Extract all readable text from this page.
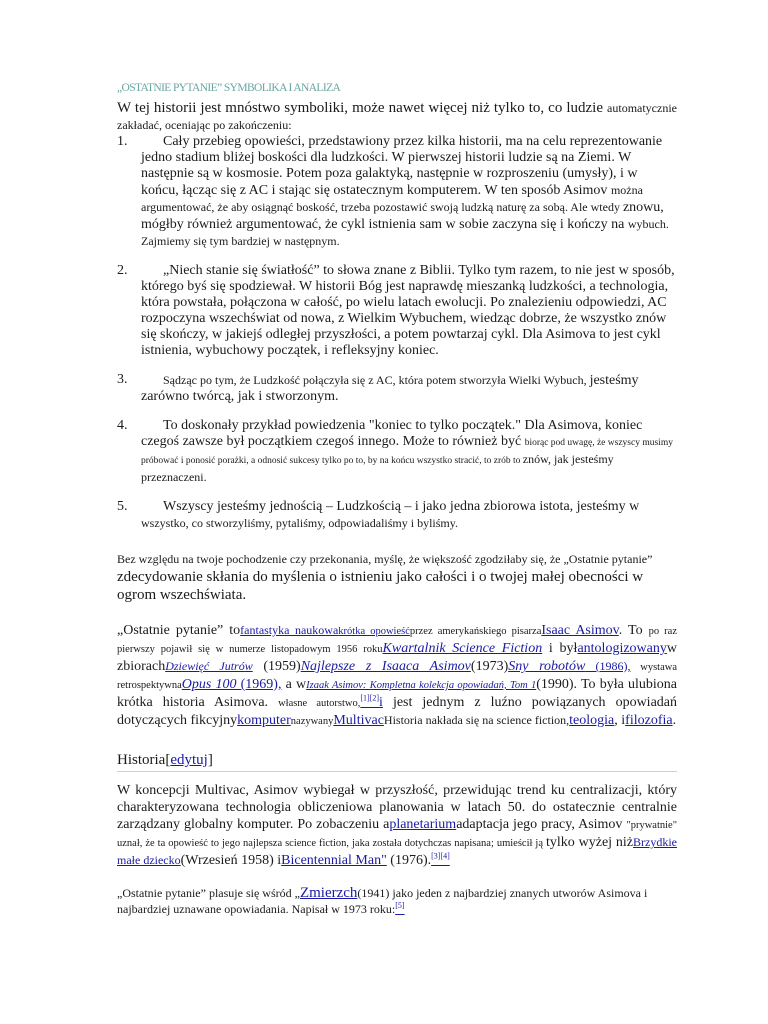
„OSTATNIE PYTANIE” SYMBOLIKA I ANALIZA

W tej historii jest mnóstwo symboliki, może nawet więcej niż tylko to, co ludzie automatycznie zakładać, oceniając po zakończeniu:

1.	Cały przebieg opowieści, przedstawiony przez kilka historii, ma na celu reprezentowanie jedno stadium bliżej boskości dla ludzkości. W pierwszej historii ludzie są na Ziemi. W następnie są w kosmosie. Potem poza galaktyką, następnie w rozproszeniu (umysły), i w końcu, łącząc się z AC i stając się ostatecznym komputerem. W ten sposób Asimov można argumentować, że aby osiągnąć boskość, trzeba pozostawić swoją ludzką naturę za sobą. Ale wtedy znowu, mógłby również argumentować, że cykl istnienia sam w sobie zaczyna się i kończy na wybuch. Zajmiemy się tym bardziej w następnym.
2.	„Niech stanie się światłość” to słowa znane z Biblii. Tylko tym razem, to nie jest w sposób, którego byś się spodziewał. W historii Bóg jest naprawdę mieszanką ludzkości, a technologia, która powstała, połączona w całość, po wielu latach ewolucji. Po znalezieniu odpowiedzi, AC rozpoczyna wszechświat od nowa, z Wielkim Wybuchem, wiedząc dobrze, że wszystko znów się skończy, w jakiejś odległej przyszłości, a potem powtarzaj cykl. Dla Asimova to jest cykl istnienia, wybuchowy początek, i refleksyjny koniec.
3.	Sądząc po tym, że Ludzkość połączyła się z AC, która potem stworzyła Wielki Wybuch, jesteśmy zarówno twórcą, jak i stworzonym.
4.	To doskonały przykład powiedzenia "koniec to tylko początek." Dla Asimova, koniec czegoś zawsze był początkiem czegoś innego. Może to również być biorąc pod uwagę, że wszyscy musimy próbować i ponosić porażki, a odnosić sukcesy tylko po to, by na końcu wszystko stracić, to zrób to znów, jak jesteśmy przeznaczeni.
5.	Wszyscy jesteśmy jednością – Ludzkością – i jako jedna zbiorowa istota, jesteśmy w wszystko, co stworzyliśmy, pytaliśmy, odpowiadaliśmy i byliśmy.

Bez względu na twoje pochodzenie czy przekonania, myślę, że większość zgodziłaby się, że „Ostatnie pytanie” zdecydowanie skłania do myślenia o istnieniu jako całości i o twojej małej obecności w ogrom wszechświata.

„Ostatnie pytanie” tofantastyka naukowakrótka opowieśćprzez amerykańskiego pisarzaIsaac Asimov. To po raz pierwszy pojawił się w numerze listopadowym 1956 rokuKwartalnik Science Fiction i byłantologizowanyw zbiorachDziewięć Jutrów (1959)Najlepsze z Isaaca Asimov(1973)Sny robotów (1986), wystawa retrospektywnaOpus 100 (1969), a wIzaak Asimov: Kompletna kolekcja opowiadań, Tom 1(1990). To była ulubiona krótka historia Asimova. własne autorstwo,[1][2]i jest jednym z luźno powiązanych opowiadań dotyczących fikcyjnykomputernazywanyMultivacHistoria nakłada się na science fiction,teologia, ifilozofia.

Historia[edytuj]

W koncepcji Multivac, Asimov wybiegał w przyszłość, przewidując trend ku centralizacji, który charakteryzowana technologia obliczeniowa planowania w latach 50. do ostatecznie centralnie zarządzany globalny komputer. Po zobaczeniu aplanetariumadaptacja jego pracy, Asimov "prywatnie" uznał, że ta opowieść to jego najlepsza science fiction, jaka została dotychczas napisana; umieścił ją tylko wyżej niżBrzydkie małe dziecko(Wrzesień 1958) iBicentennial Man" (1976).[3][4]

„Ostatnie pytanie” plasuje się wśród „Zmierzch(1941) jako jeden z najbardziej znanych utworów Asimova i najbardziej uznawane opowiadania. Napisał w 1973 roku:[5]
